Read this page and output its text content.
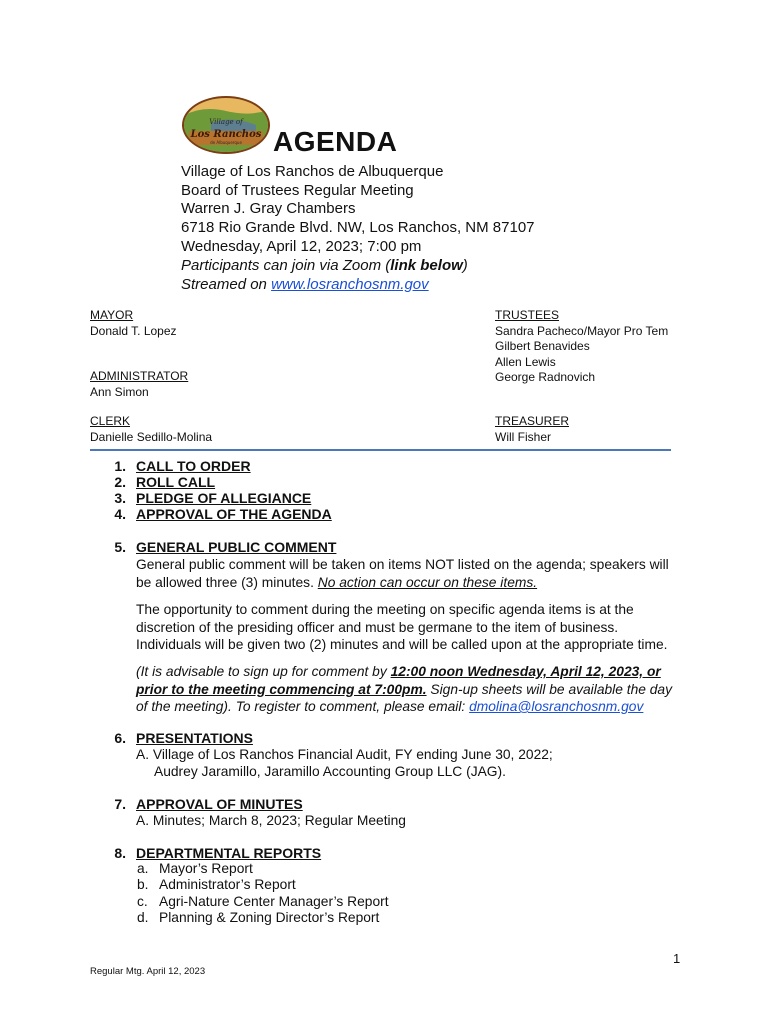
Village of
Los Ranchos
de Albuquerque AGENDA
Village of Los Ranchos de Albuquerque
Board of Trustees Regular Meeting
Warren J. Gray Chambers
6718 Rio Grande Blvd. NW, Los Ranchos, NM 87107
Wednesday, April 12, 2023; 7:00 pm
Participants can join via Zoom (link below)
Streamed on www.losranchosnm.gov
MAYOR
Donald T. Lopez
ADMINISTRATOR
Ann Simon
CLERK
Danielle Sedillo-Molina
TRUSTEES
Sandra Pacheco/Mayor Pro Tem
Gilbert Benavides
Allen Lewis
George Radnovich
TREASURER
Will Fisher
1. CALL TO ORDER
2. ROLL CALL
3. PLEDGE OF ALLEGIANCE
4. APPROVAL OF THE AGENDA
5. GENERAL PUBLIC COMMENT
General public comment will be taken on items NOT listed on the agenda; speakers will
be allowed three (3) minutes. No action can occur on these items.
The opportunity to comment during the meeting on specific agenda items is at the
discretion of the presiding officer and must be germane to the item of business.
Individuals will be given two (2) minutes and will be called upon at the appropriate time.
(It is advisable to sign up for comment by 12:00 noon Wednesday, April 12, 2023, or
prior to the meeting commencing at 7:00pm. Sign-up sheets will be available the day
of the meeting). To register to comment, please email: dmolina@losranchosnm.gov
6. PRESENTATIONS
A. Village of Los Ranchos Financial Audit, FY ending June 30, 2022;
Audrey Jaramillo, Jaramillo Accounting Group LLC (JAG).
7. APPROVAL OF MINUTES
A. Minutes; March 8, 2023; Regular Meeting
8. DEPARTMENTAL REPORTS
a. Mayor’s Report
b. Administrator’s Report
c. Agri-Nature Center Manager’s Report
d. Planning & Zoning Director’s Report
1
Regular Mtg. April 12, 2023
